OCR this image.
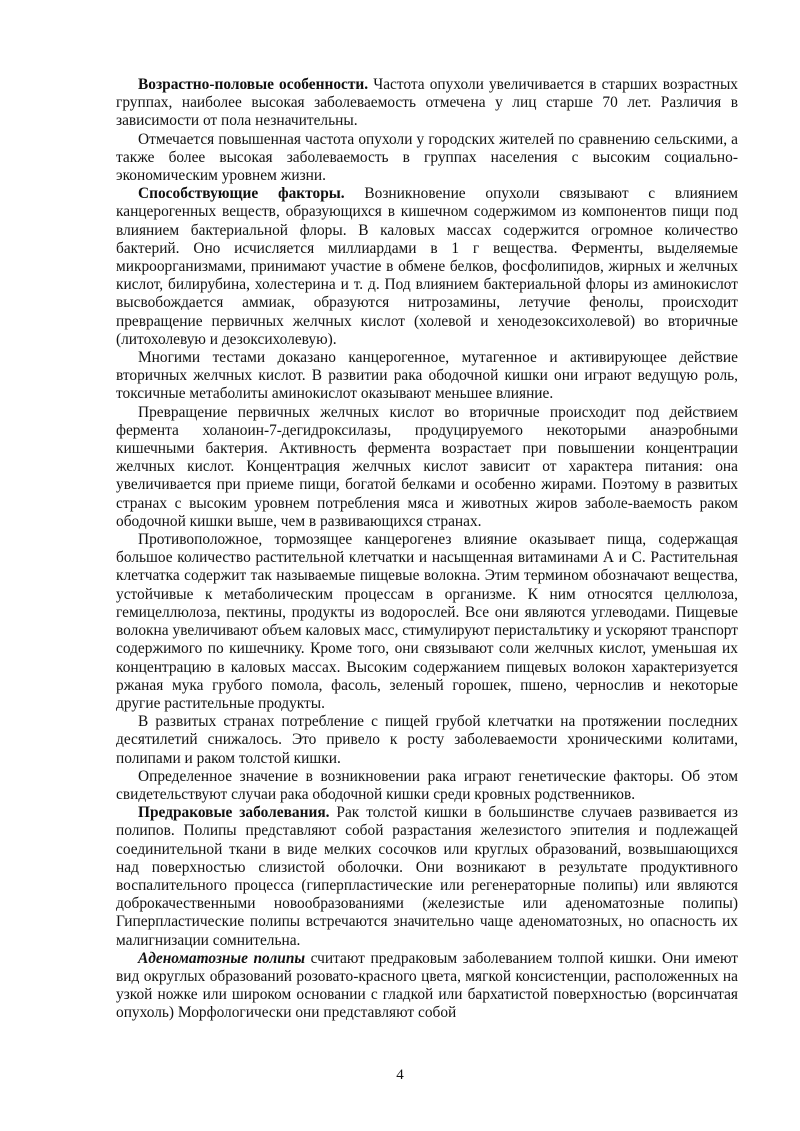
Возрастно-половые особенности. Частота опухоли увеличивается в старших возрастных группах, наиболее высокая заболеваемость отмечена у лиц старше 70 лет. Различия в зависимости от пола незначительны.

Отмечается повышенная частота опухоли у городских жителей по сравнению сельскими, а также более высокая заболеваемость в группах населения с высоким социально-экономическим уровнем жизни.

Способствующие факторы. Возникновение опухоли связывают с влиянием канцерогенных веществ, образующихся в кишечном содержимом из компонентов пищи под влиянием бактериальной флоры. В каловых массах содержится огромное количество бактерий. Оно исчисляется миллиардами в 1 г вещества. Ферменты, выделяемые микроорганизмами, принимают участие в обмене белков, фосфолипидов, жирных и желчных кислот, билирубина, холестерина и т. д. Под влиянием бактериальной флоры из аминокислот высвобождается аммиак, образуются нитрозамины, летучие фенолы, происходит превращение первичных желчных кислот (холевой и хенодезоксихолевой) во вторичные (литохолевую и дезоксихолевую).

Многими тестами доказано канцерогенное, мутагенное и активирующее действие вторичных желчных кислот. В развитии рака ободочной кишки они играют ведущую роль, токсичные метаболиты аминокислот оказывают меньшее влияние.

Превращение первичных желчных кислот во вторичные происходит под действием фермента холаноин-7-дегидроксилазы, продуцируемого некоторыми анаэробными кишечными бактерия. Активность фермента возрастает при повышении концентрации желчных кислот. Концентрация желчных кислот зависит от характера питания: она увеличивается при приеме пищи, богатой белками и особенно жирами. Поэтому в развитых странах с высоким уровнем потребления мяса и животных жиров заболе-ваемость раком ободочной кишки выше, чем в развивающихся странах.

Противоположное, тормозящее канцерогенез влияние оказывает пища, содержащая большое количество растительной клетчатки и насыщенная витаминами А и С. Растительная клетчатка содержит так называемые пищевые волокна. Этим термином обозначают вещества, устойчивые к метаболическим процессам в организме. К ним относятся целлюлоза, гемицеллюлоза, пектины, продукты из водорослей. Все они являются углеводами. Пищевые волокна увеличивают объем каловых масс, стимулируют перистальтику и ускоряют транспорт содержимого по кишечнику. Кроме того, они связывают соли желчных кислот, уменьшая их концентрацию в каловых массах. Высоким содержанием пищевых волокон характеризуется ржаная мука грубого помола, фасоль, зеленый горошек, пшено, чернослив и некоторые другие растительные продукты.

В развитых странах потребление с пищей грубой клетчатки на протяжении последних десятилетий снижалось. Это привело к росту заболеваемости хроническими колитами, полипами и раком толстой кишки.

Определенное значение в возникновении рака играют генетические факторы. Об этом свидетельствуют случаи рака ободочной кишки среди кровных родственников.

Предраковые заболевания. Рак толстой кишки в большинстве случаев развивается из полипов. Полипы представляют собой разрастания железистого эпителия и подлежащей соединительной ткани в виде мелких сосочков или круглых образований, возвышающихся над поверхностью слизистой оболочки. Они возникают в результате продуктивного воспалительного процесса (гиперпластические или регенераторные полипы) или являются доброкачественными новообразованиями (железистые или аденоматозные полипы) Гиперпластические полипы встречаются значительно чаще аденоматозных, но опасность их малигнизации сомнительна.

Аденоматозные полипы считают предраковым заболеванием толпой кишки. Они имеют вид округлых образований розовато-красного цвета, мягкой консистенции, расположенных на узкой ножке или широком основании с гладкой или бархатистой поверхностью (ворсинчатая опухоль) Морфологически они представляют собой

4
